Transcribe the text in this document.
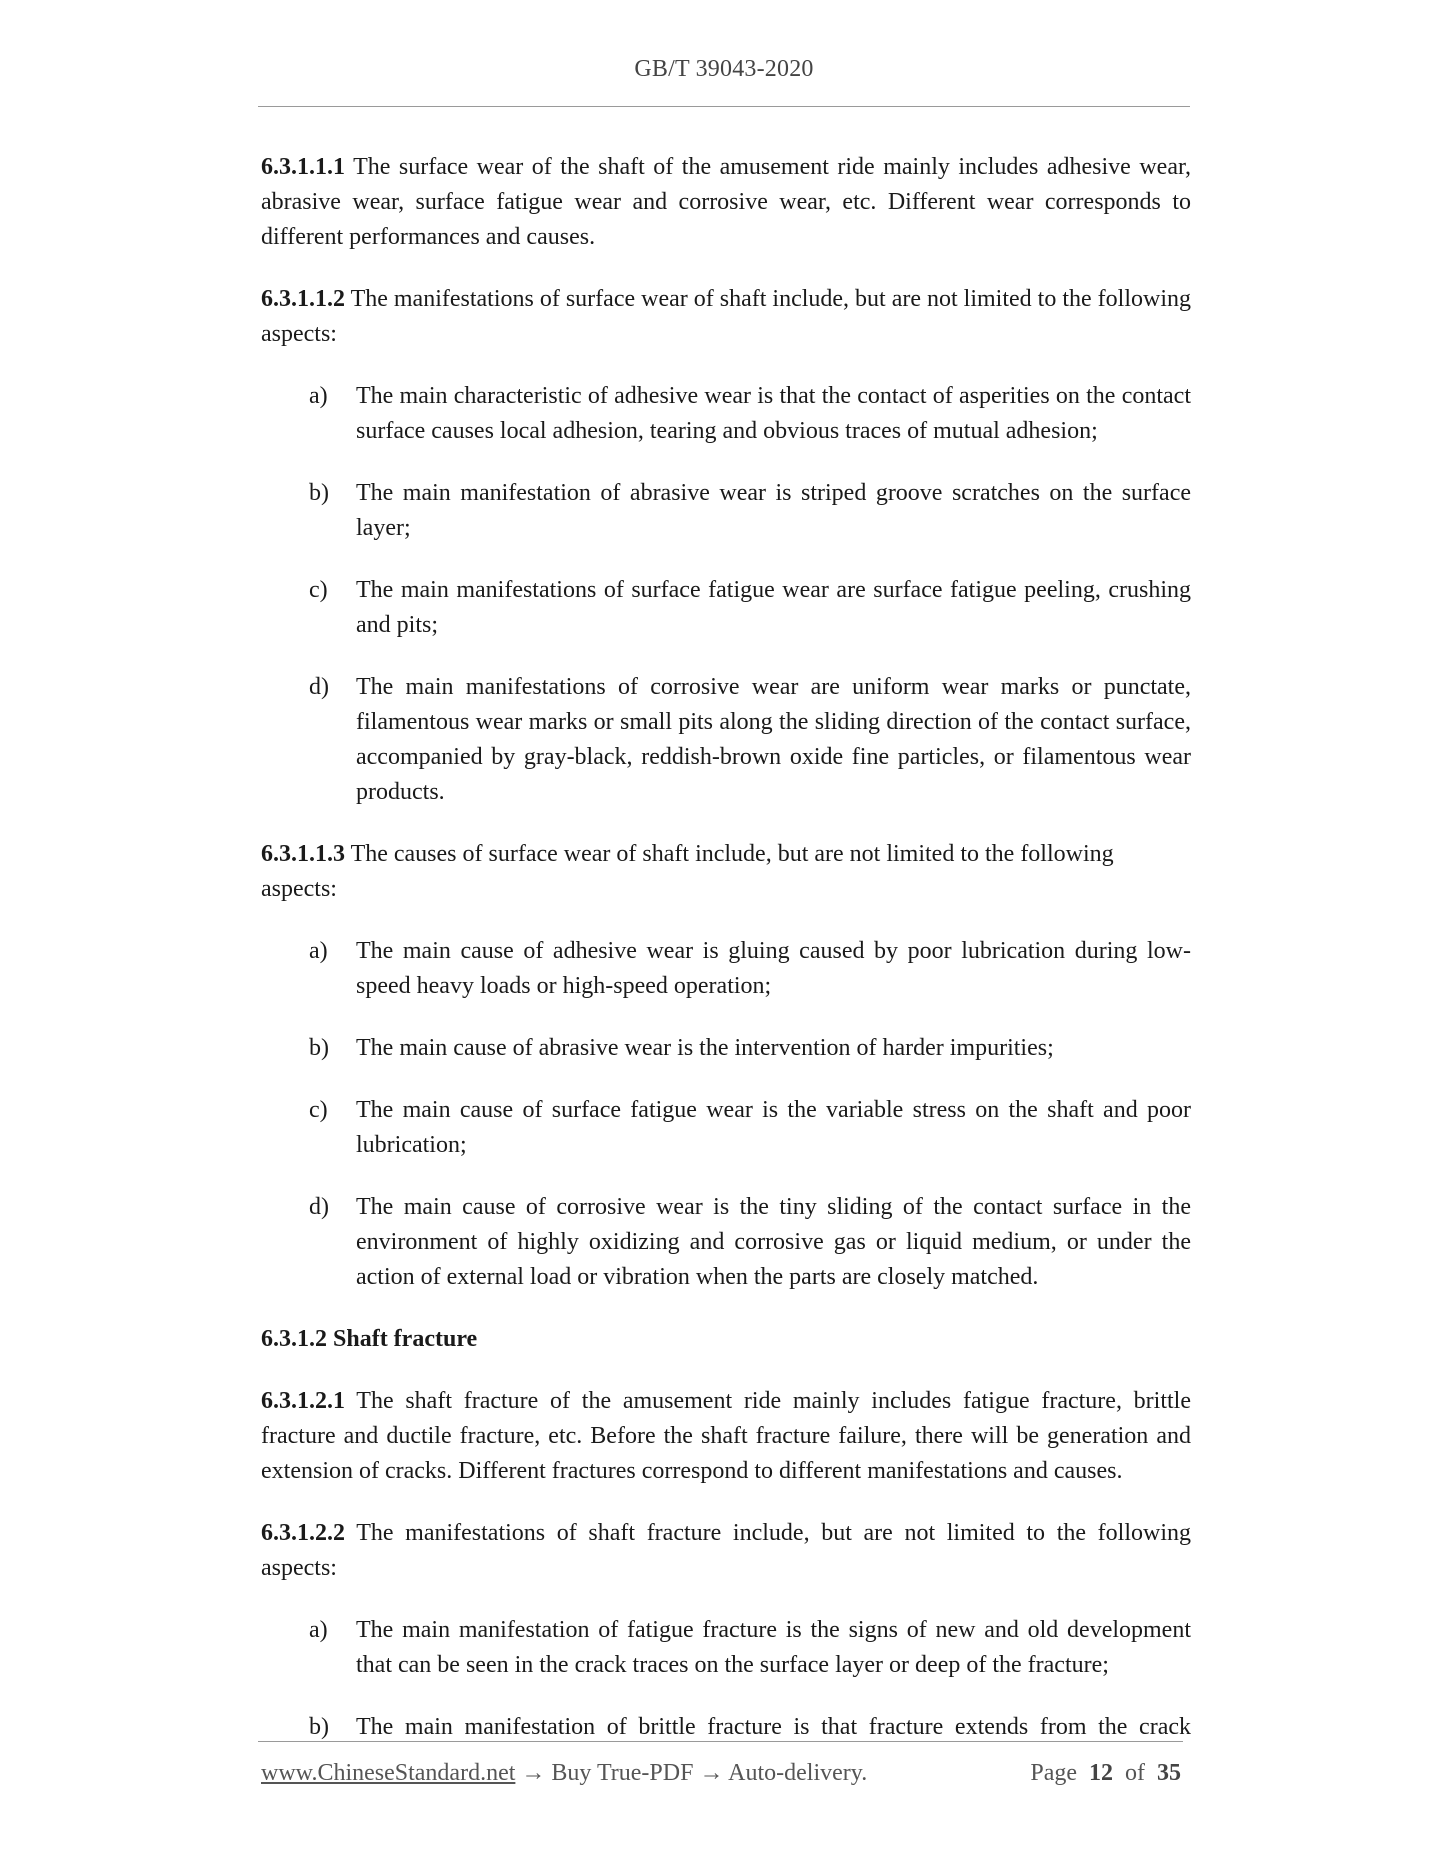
GB/T 39043-2020

6.3.1.1.1 The surface wear of the shaft of the amusement ride mainly includes adhesive wear, abrasive wear, surface fatigue wear and corrosive wear, etc. Different wear corresponds to different performances and causes.

6.3.1.1.2 The manifestations of surface wear of shaft include, but are not limited to the following aspects:

a) The main characteristic of adhesive wear is that the contact of asperities on the contact surface causes local adhesion, tearing and obvious traces of mutual adhesion;
b) The main manifestation of abrasive wear is striped groove scratches on the surface layer;
c) The main manifestations of surface fatigue wear are surface fatigue peeling, crushing and pits;
d) The main manifestations of corrosive wear are uniform wear marks or punctate, filamentous wear marks or small pits along the sliding direction of the contact surface, accompanied by gray-black, reddish-brown oxide fine particles, or filamentous wear products.

6.3.1.1.3 The causes of surface wear of shaft include, but are not limited to the following aspects:

a) The main cause of adhesive wear is gluing caused by poor lubrication during low-speed heavy loads or high-speed operation;
b) The main cause of abrasive wear is the intervention of harder impurities;
c) The main cause of surface fatigue wear is the variable stress on the shaft and poor lubrication;
d) The main cause of corrosive wear is the tiny sliding of the contact surface in the environment of highly oxidizing and corrosive gas or liquid medium, or under the action of external load or vibration when the parts are closely matched.

6.3.1.2 Shaft fracture

6.3.1.2.1 The shaft fracture of the amusement ride mainly includes fatigue fracture, brittle fracture and ductile fracture, etc. Before the shaft fracture failure, there will be generation and extension of cracks. Different fractures correspond to different manifestations and causes.

6.3.1.2.2 The manifestations of shaft fracture include, but are not limited to the following aspects:

a) The main manifestation of fatigue fracture is the signs of new and old development that can be seen in the crack traces on the surface layer or deep of the fracture;
b) The main manifestation of brittle fracture is that fracture extends from the crack
www.ChineseStandard.net → Buy True-PDF → Auto-delivery.	Page 12 of 35
